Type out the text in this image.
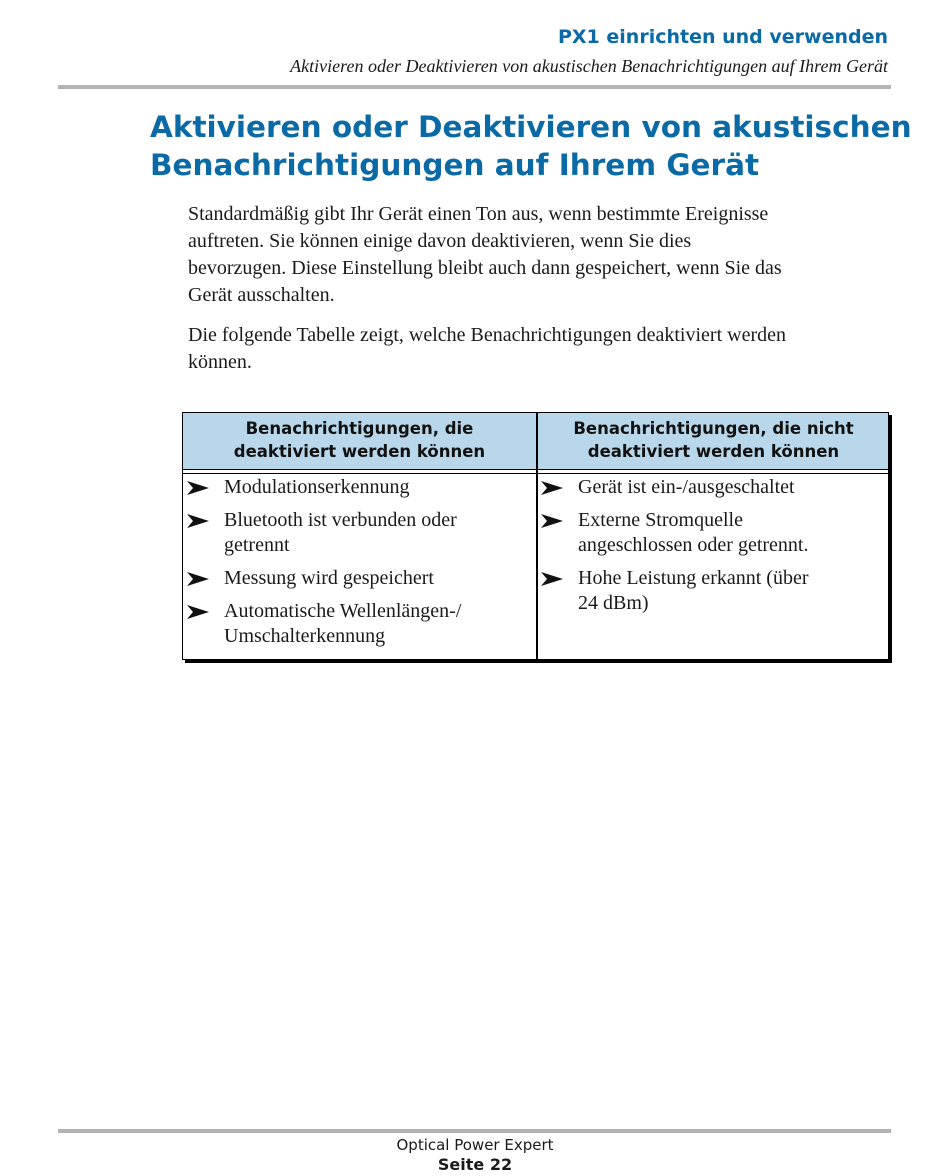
PX1 einrichten und verwenden
Aktivieren oder Deaktivieren von akustischen Benachrichtigungen auf Ihrem Gerät
Aktivieren oder Deaktivieren von akustischen
Benachrichtigungen auf Ihrem Gerät

Standardmäßig gibt Ihr Gerät einen Ton aus, wenn bestimmte Ereignisse
auftreten. Sie können einige davon deaktivieren, wenn Sie dies
bevorzugen. Diese Einstellung bleibt auch dann gespeichert, wenn Sie das
Gerät ausschalten.

Die folgende Tabelle zeigt, welche Benachrichtigungen deaktiviert werden
können.

Benachrichtigungen, die
deaktiviert werden können
Benachrichtigungen, die nicht
deaktiviert werden können
Modulationserkennung
Bluetooth ist verbunden oder
getrennt
Messung wird gespeichert
Automatische Wellenlängen-/
Umschalterkennung
Gerät ist ein-/ausgeschaltet
Externe Stromquelle
angeschlossen oder getrennt.
Hohe Leistung erkannt (über
24 dBm)
Optical Power Expert
Seite 22
